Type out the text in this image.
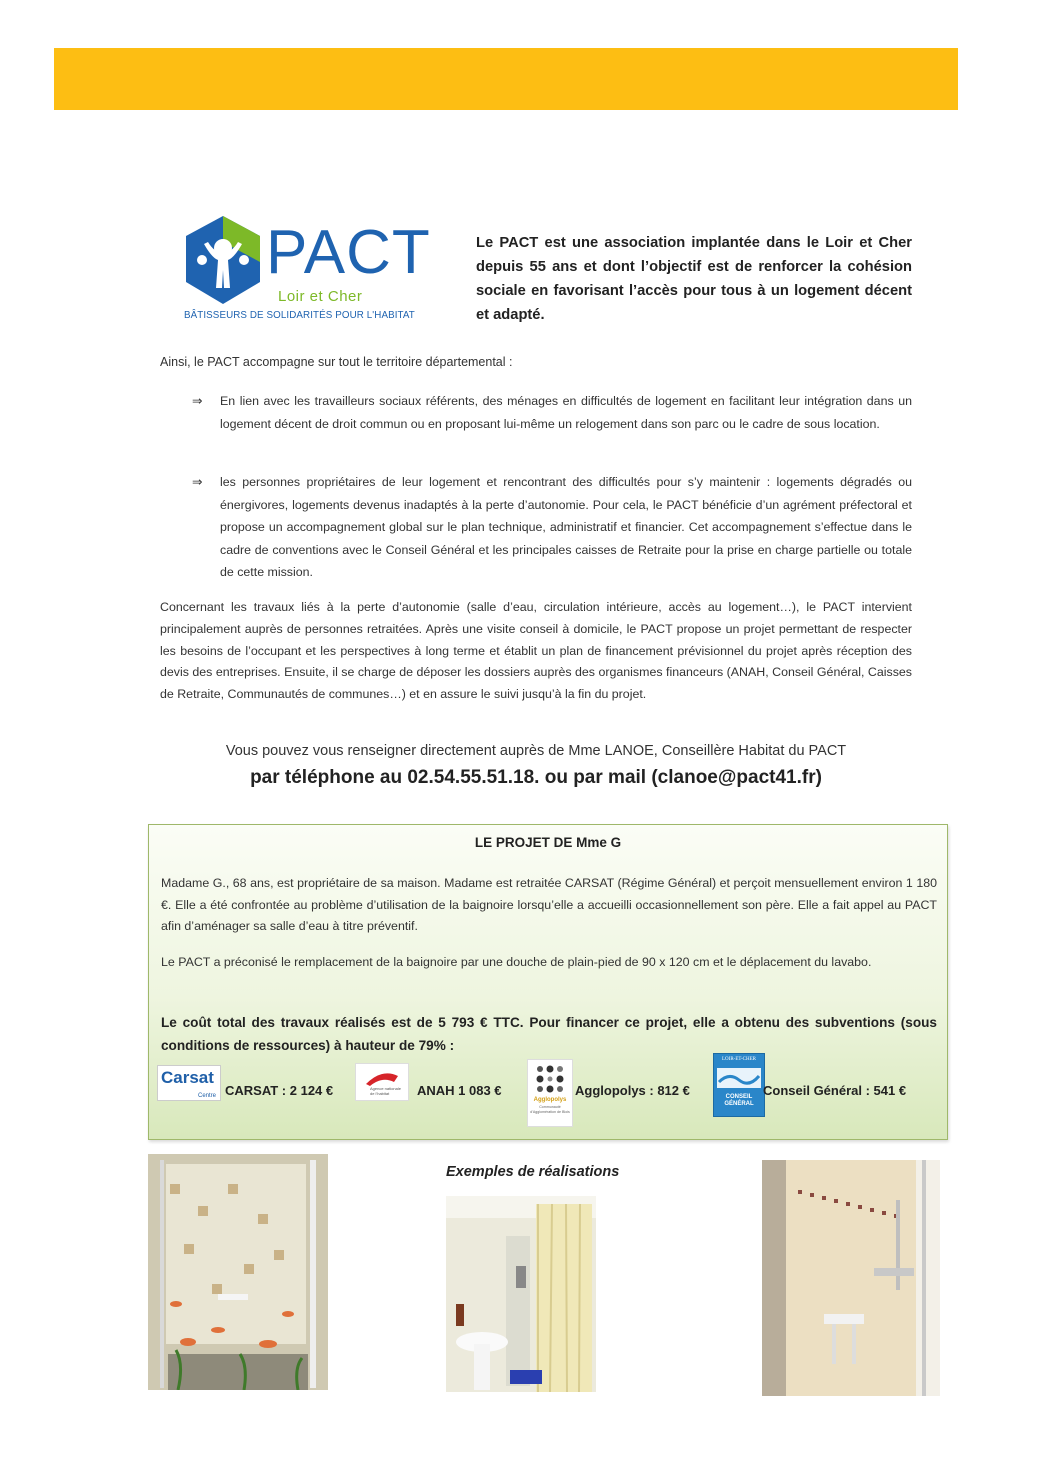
PACT
Loir et Cher
BÂTISSEURS DE SOLIDARITÉS POUR L'HABITAT
Le PACT est une association implantée dans le Loir et Cher depuis 55 ans et dont l’objectif est de renforcer la cohésion sociale en favorisant l’accès pour tous à un logement décent et adapté.
Ainsi, le PACT accompagne sur tout le territoire départemental :
⇒	En lien avec les travailleurs sociaux référents, des ménages en difficultés de logement en facilitant leur intégration dans un logement décent de droit commun ou en proposant lui-même un relogement dans son parc ou le cadre de sous location.
⇒	les personnes propriétaires de leur logement et rencontrant des difficultés pour s’y maintenir : logements dégradés ou énergivores, logements devenus inadaptés à la perte d’autonomie. Pour cela, le PACT bénéficie d’un agrément préfectoral et propose un accompagnement global sur le plan technique, administratif et financier. Cet accompagnement s’effectue dans le cadre de conventions avec le Conseil Général et les principales caisses de Retraite pour la prise en charge partielle ou totale de cette mission.
Concernant les travaux liés à la perte d’autonomie (salle d’eau, circulation intérieure, accès au logement…), le PACT intervient principalement auprès de personnes retraitées. Après une visite conseil à domicile, le PACT propose un projet permettant de respecter les besoins de l’occupant et les perspectives à long terme et établit un plan de financement prévisionnel du projet après réception des devis des entreprises. Ensuite, il se charge de déposer les dossiers auprès des organismes financeurs (ANAH, Conseil Général, Caisses de Retraite, Communautés de communes…) et en assure le suivi jusqu’à la fin du projet.
Vous pouvez vous renseigner directement auprès de Mme LANOE, Conseillère Habitat du PACT
par téléphone au 02.54.55.51.18. ou par mail (clanoe@pact41.fr)
LE PROJET DE Mme G
Madame G., 68 ans, est propriétaire de sa maison. Madame est retraitée CARSAT (Régime Général) et perçoit mensuellement environ 1 180 €. Elle a été confrontée au problème d’utilisation de la baignoire lorsqu’elle a accueilli occasionnellement son père. Elle a fait appel au PACT afin d’aménager sa salle d’eau à titre préventif.
Le PACT a préconisé le remplacement de la baignoire par une douche de plain-pied de 90 x 120 cm et le déplacement du lavabo.
Le coût total des travaux réalisés est de 5 793 € TTC. Pour financer ce projet, elle a obtenu des subventions (sous conditions de ressources) à hauteur de 79% :
Carsat
Centre CARSAT : 2 124 €	Agence nationale de l'habitat	ANAH 1 083 €
Agglopolys
Communauté d'Agglomération de Blois
Agglopolys : 812 €
LOIR-ET-CHER
CONSEIL GÉNÉRAL
Conseil Général : 541 €
Exemples de réalisations
